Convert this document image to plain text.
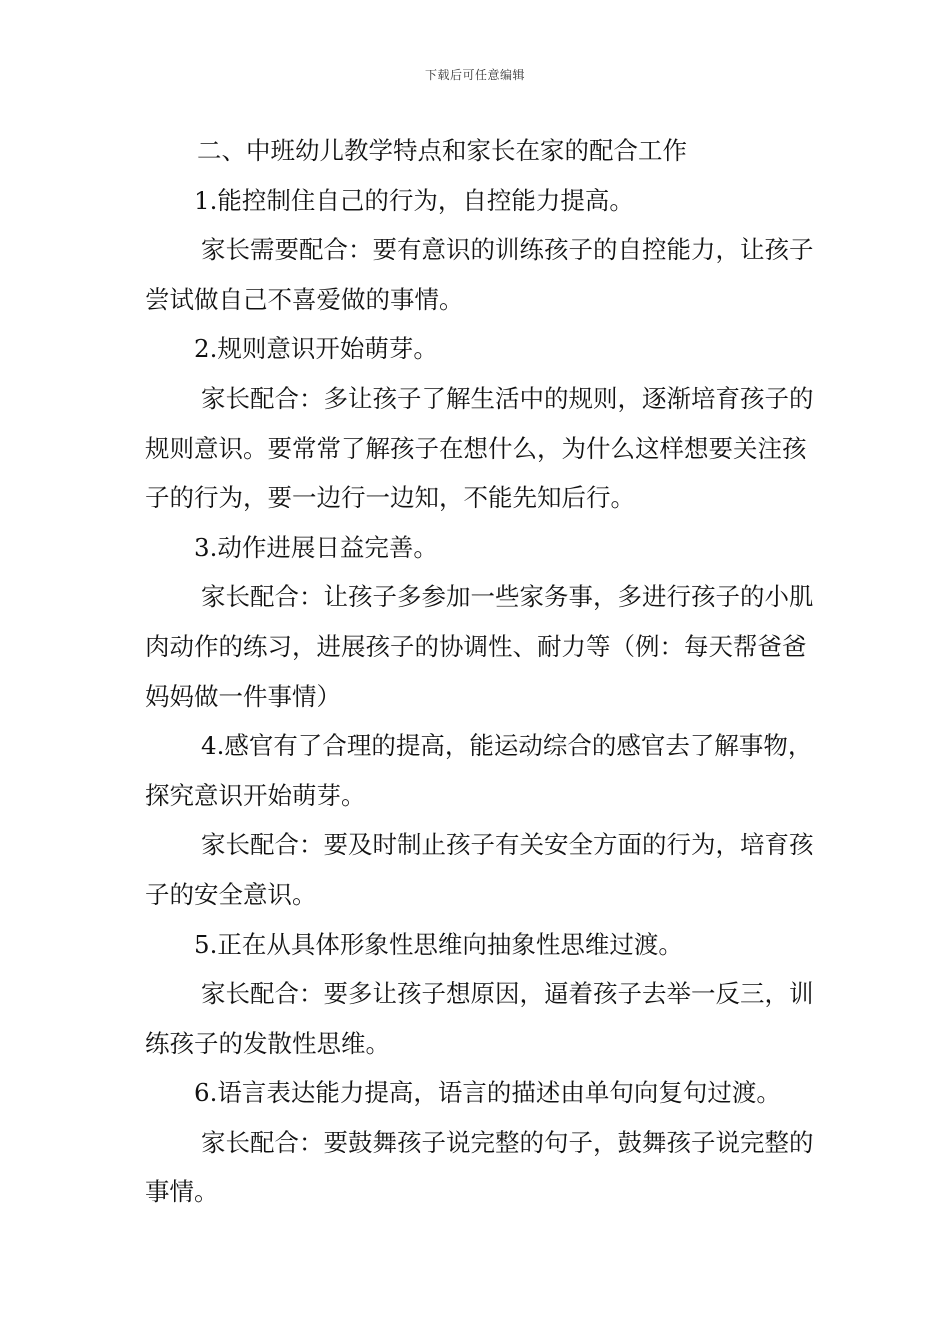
下载后可任意编辑

二、中班幼儿教学特点和家长在家的配合工作

1.能控制住自己的行为，自控能力提高。

家长需要配合：要有意识的训练孩子的自控能力，让孩子尝试做自己不喜爱做的事情。

2.规则意识开始萌芽。

家长配合：多让孩子了解生活中的规则，逐渐培育孩子的规则意识。要常常了解孩子在想什么，为什么这样想要关注孩子的行为，要一边行一边知，不能先知后行。

3.动作进展日益完善。

家长配合：让孩子多参加一些家务事，多进行孩子的小肌肉动作的练习，进展孩子的协调性、耐力等（例：每天帮爸爸妈妈做一件事情）

4.感官有了合理的提高，能运动综合的感官去了解事物，探究意识开始萌芽。

家长配合：要及时制止孩子有关安全方面的行为，培育孩子的安全意识。

5.正在从具体形象性思维向抽象性思维过渡。

家长配合：要多让孩子想原因，逼着孩子去举一反三，训练孩子的发散性思维。

6.语言表达能力提高，语言的描述由单句向复句过渡。

家长配合：要鼓舞孩子说完整的句子，鼓舞孩子说完整的事情。
